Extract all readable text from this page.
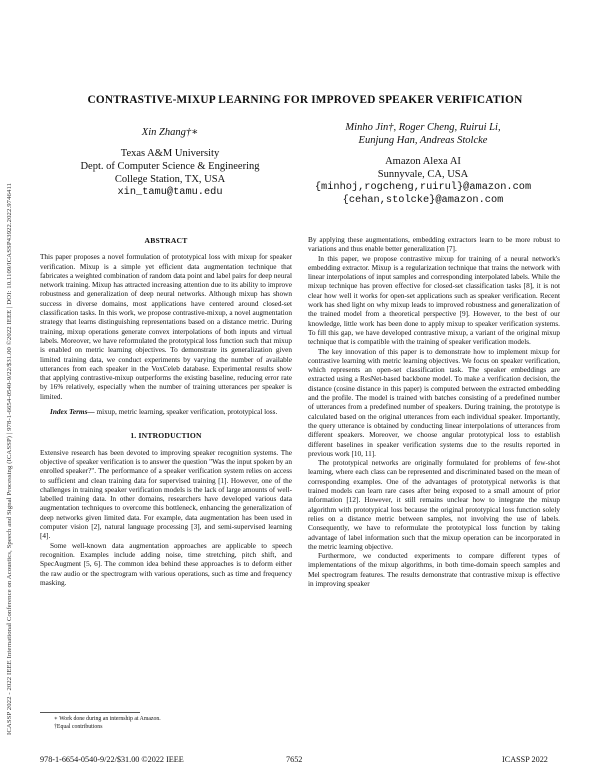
ICASSP 2022 - 2022 IEEE International Conference on Acoustics, Speech and Signal Processing (ICASSP) | 978-1-6654-0540-9/22/$31.00 ©2022 IEEE | DOI: 10.1109/ICASSP43922.2022.9746411
CONTRASTIVE-MIXUP LEARNING FOR IMPROVED SPEAKER VERIFICATION
Xin Zhang†∗
Texas A&M University
Dept. of Computer Science & Engineering
College Station, TX, USA
xin_tamu@tamu.edu
Minho Jin†, Roger Cheng, Ruirui Li,
Eunjung Han, Andreas Stolcke
Amazon Alexa AI
Sunnyvale, CA, USA
{minhoj,rogcheng,ruirul}@amazon.com
{cehan,stolcke}@amazon.com
ABSTRACT

This paper proposes a novel formulation of prototypical loss with mixup for speaker verification. Mixup is a simple yet efficient data augmentation technique that fabricates a weighted combination of random data point and label pairs for deep neural network training. Mixup has attracted increasing attention due to its ability to improve robustness and generalization of deep neural networks. Although mixup has shown success in diverse domains, most applications have centered around closed-set classification tasks. In this work, we propose contrastive-mixup, a novel augmentation strategy that learns distinguishing representations based on a distance metric. During training, mixup operations generate convex interpolations of both inputs and virtual labels. Moreover, we have reformulated the prototypical loss function such that mixup is enabled on metric learning objectives. To demonstrate its generalization given limited training data, we conduct experiments by varying the number of available utterances from each speaker in the VoxCeleb database. Experimental results show that applying contrastive-mixup outperforms the existing baseline, reducing error rate by 16% relatively, especially when the number of training utterances per speaker is limited.

Index Terms— mixup, metric learning, speaker verification, prototypical loss.

1. INTRODUCTION

Extensive research has been devoted to improving speaker recognition systems. The objective of speaker verification is to answer the question "Was the input spoken by an enrolled speaker?". The performance of a speaker verification system relies on access to sufficient and clean training data for supervised training [1]. However, one of the challenges in training speaker verification models is the lack of large amounts of well-labelled training data. In other domains, researchers have developed various data augmentation techniques to overcome this bottleneck, enhancing the generalization of deep networks given limited data. For example, data augmentation has been used in computer vision [2], natural language processing [3], and semi-supervised learning [4].

Some well-known data augmentation approaches are applicable to speech recognition. Examples include adding noise, time stretching, pitch shift, and SpecAugment [5, 6]. The common idea behind these approaches is to deform either the raw audio or the spectrogram with various operations, such as time and frequency masking.

∗ Work done during an internship at Amazon.
†Equal contributions

By applying these augmentations, embedding extractors learn to be more robust to variations and thus enable better generalization [7].

In this paper, we propose contrastive mixup for training of a neural network's embedding extractor. Mixup is a regularization technique that trains the network with linear interpolations of input samples and corresponding interpolated labels. While the mixup technique has proven effective for closed-set classification tasks [8], it is not clear how well it works for open-set applications such as speaker verification. Recent work has shed light on why mixup leads to improved robustness and generalization of the trained model from a theoretical perspective [9]. However, to the best of our knowledge, little work has been done to apply mixup to speaker verification systems. To fill this gap, we have developed contrastive mixup, a variant of the original mixup technique that is compatible with the training of speaker verification models.

The key innovation of this paper is to demonstrate how to implement mixup for contrastive learning with metric learning objectives. We focus on speaker verification, which represents an open-set classification task. The speaker embeddings are extracted using a ResNet-based backbone model. To make a verification decision, the distance (cosine distance in this paper) is computed between the extracted embedding and the profile. The model is trained with batches consisting of a predefined number of utterances from a predefined number of speakers. During training, the prototype is calculated based on the original utterances from each individual speaker. Importantly, the query utterance is obtained by conducting linear interpolations of utterances from different speakers. Moreover, we choose angular prototypical loss to establish different baselines in speaker verification systems due to the results reported in previous work [10, 11].

The prototypical networks are originally formulated for problems of few-shot learning, where each class can be represented and discriminated based on the mean of corresponding examples. One of the advantages of prototypical networks is that trained models can learn rare cases after being exposed to a small amount of prior information [12]. However, it still remains unclear how to integrate the mixup algorithm with prototypical loss because the original prototypical loss function solely relies on a distance metric between samples, not involving the use of labels. Consequently, we have to reformulate the prototypical loss function by taking advantage of label information such that the mixup operation can be incorporated in the metric learning objective.

Furthermore, we conducted experiments to compare different types of implementations of the mixup algorithms, in both time-domain speech samples and Mel spectrogram features. The results demonstrate that contrastive mixup is effective in improving speaker

978-1-6654-0540-9/22/$31.00 ©2022 IEEE	7652	ICASSP 2022
